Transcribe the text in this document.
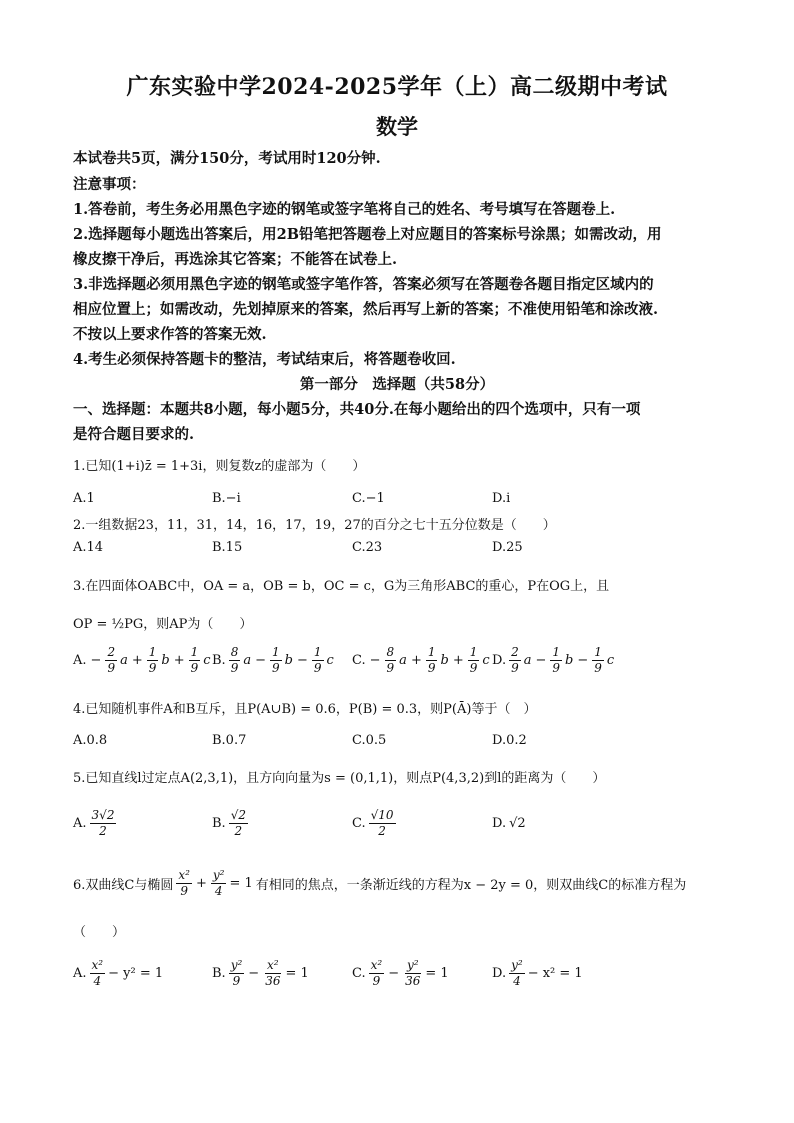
广东实验中学2024-2025学年（上）高二级期中考试
数学
本试卷共5页，满分150分，考试用时120分钟.
注意事项：
1.答卷前，考生务必用黑色字迹的钢笔或签字笔将自己的姓名、考号填写在答题卷上.
2.选择题每小题选出答案后，用2B铅笔把答题卷上对应题目的答案标号涂黑；如需改动，用
橡皮擦干净后，再选涂其它答案；不能答在试卷上.
3.非选择题必须用黑色字迹的钢笔或签字笔作答，答案必须写在答题卷各题目指定区域内的
相应位置上；如需改动，先划掉原来的答案，然后再写上新的答案；不准使用铅笔和涂改液.
不按以上要求作答的答案无效.
4.考生必须保持答题卡的整洁，考试结束后，将答题卷收回.
第一部分　选择题（共58分）
一、选择题：本题共8小题，每小题5分，共40分.在每小题给出的四个选项中，只有一项
是符合题目要求的.
1.已知(1+i)z̄ = 1+3i，则复数z的虚部为（　　）
A.1	B.−i	C.−1	D.i
2.一组数据23，11，31，14，16，17，19，27的百分之七十五分位数是（　　）
A.14	B.15	C.23	D.25
3.在四面体OABC中，OA = a，OB = b，OC = c，G为三角形ABC的重心，P在OG上，且
OP = ½PG，则AP为（　　）
A. − $\frac{2}{9}$ $a + \frac{1}{9}$ $b + \frac{1}{9}$ c B. $\frac{8}{9}$ $a - \frac{1}{9}$ $b - \frac{1}{9}$ c C. − $\frac{8}{9}$ $a + \frac{1}{9}$ $b + \frac{1}{9}$ c D. $\frac{2}{9}$ $a - \frac{1}{9}$ $b - \frac{1}{9}$ c
4.已知随机事件A和B互斥，且P(A∪B) = 0.6，P(B) = 0.3，则P(Ā)等于（　）
A.0.8	B.0.7	C.0.5	D.0.2
5.已知直线l过定点A(2,3,1)，且方向向量为s = (0,1,1)，则点P(4,3,2)到l的距离为（　　）
A. $\frac{3√2}{2}$	B. $\frac{√2}{2}$	C. $\frac{√10}{2}$	D. √2
6.双曲线C与椭圆 $\frac{\text{x²}}{9} + \frac{\text{y²}}{4} = 1$ 有相同的焦点，一条渐近线的方程为x − 2y = 0，则双曲线C的标准方程为
（　　）
A. $\frac{\text{x²}}{4} - y^2 = 1$	B. $\frac{\text{y²}}{9} - \frac{\text{x²}}{36} = 1$	C. $\frac{\text{x²}}{9} - \frac{\text{y²}}{36} = 1$	D. $\frac{\text{y²}}{4} - x^2 = 1$
